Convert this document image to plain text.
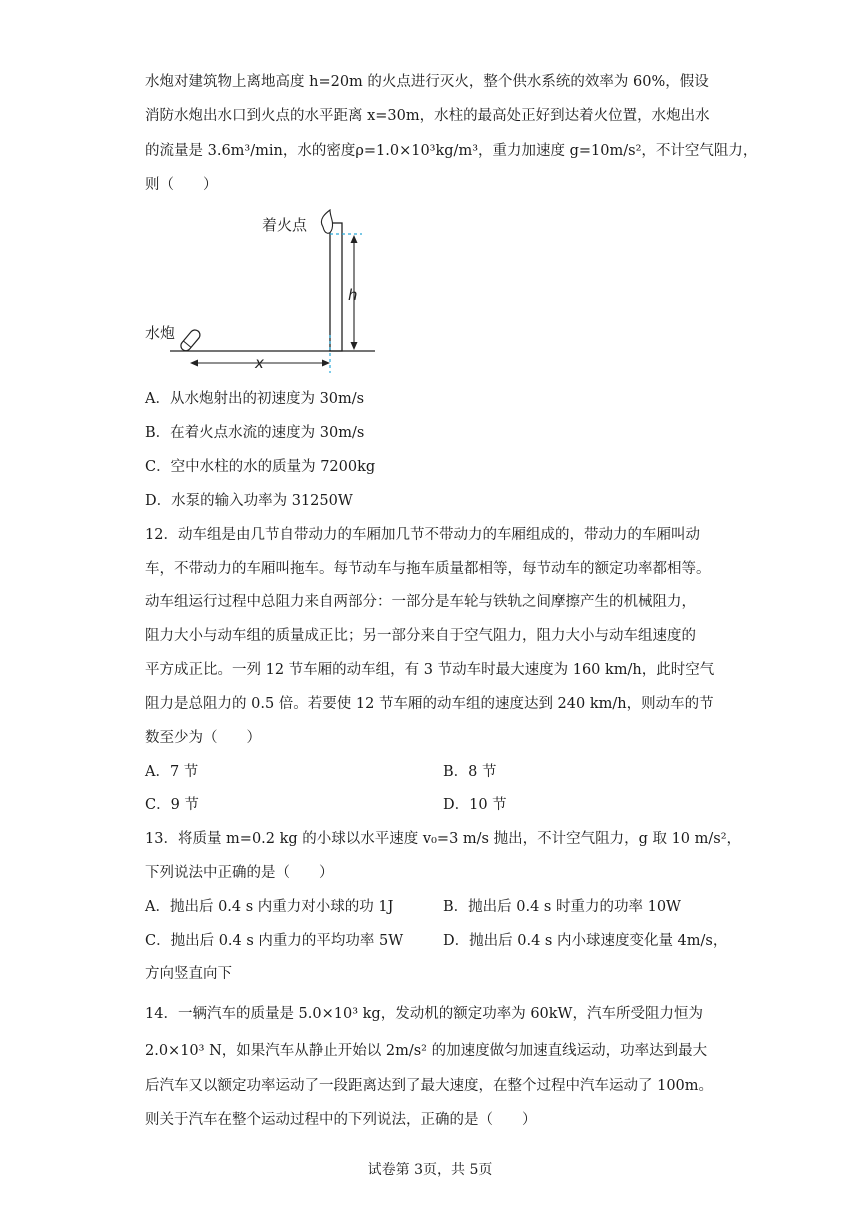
水炮对建筑物上离地高度 h=20m 的火点进行灭火，整个供水系统的效率为 60%，假设
消防水炮出水口到火点的水平距离 x=30m，水柱的最高处正好到达着火位置，水炮出水
的流量是 3.6m³/min，水的密度ρ=1.0×10³kg/m³，重力加速度 g=10m/s²，不计空气阻力，
则（　　）
着火点
水炮
h
x
A．从水炮射出的初速度为 30m/s
B．在着火点水流的速度为 30m/s
C．空中水柱的水的质量为 7200kg
D．水泵的输入功率为 31250W
12．动车组是由几节自带动力的车厢加几节不带动力的车厢组成的，带动力的车厢叫动
车，不带动力的车厢叫拖车。每节动车与拖车质量都相等，每节动车的额定功率都相等。
动车组运行过程中总阻力来自两部分：一部分是车轮与铁轨之间摩擦产生的机械阻力，
阻力大小与动车组的质量成正比；另一部分来自于空气阻力，阻力大小与动车组速度的
平方成正比。一列 12 节车厢的动车组，有 3 节动车时最大速度为 160 km/h，此时空气
阻力是总阻力的 0.5 倍。若要使 12 节车厢的动车组的速度达到 240 km/h，则动车的节
数至少为（　　）
A．7 节	B．8 节
C．9 节	D．10 节
13．将质量 m=0.2 kg 的小球以水平速度 v₀=3 m/s 抛出，不计空气阻力，g 取 10 m/s²，
下列说法中正确的是（　　）
A．抛出后 0.4 s 内重力对小球的功 1J	B．抛出后 0.4 s 时重力的功率 10W
C．抛出后 0.4 s 内重力的平均功率 5W	D．抛出后 0.4 s 内小球速度变化量 4m/s，
方向竖直向下
14．一辆汽车的质量是 5.0×10³ kg，发动机的额定功率为 60kW，汽车所受阻力恒为
2.0×10³ N，如果汽车从静止开始以 2m/s² 的加速度做匀加速直线运动，功率达到最大
后汽车又以额定功率运动了一段距离达到了最大速度，在整个过程中汽车运动了 100m。
则关于汽车在整个运动过程中的下列说法，正确的是（　　）
试卷第 3页，共 5页
